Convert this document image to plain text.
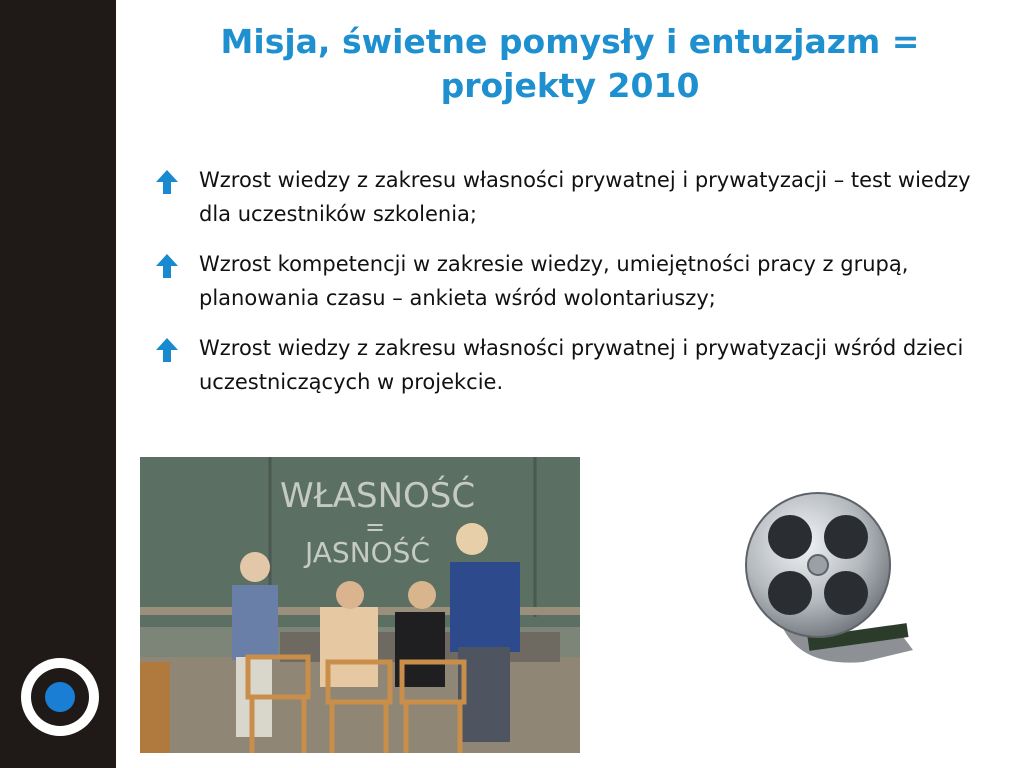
Misja, świetne pomysły i entuzjazm = projekty 2010
Wzrost wiedzy z zakresu własności prywatnej i prywatyzacji – test wiedzy dla uczestników szkolenia;
Wzrost kompetencji w zakresie wiedzy, umiejętności pracy z grupą, planowania czasu – ankieta wśród wolontariuszy;
Wzrost wiedzy z zakresu własności prywatnej i prywatyzacji wśród dzieci uczestniczących w projekcie.
WŁASNOŚĆ
=
JASNOŚĆ
